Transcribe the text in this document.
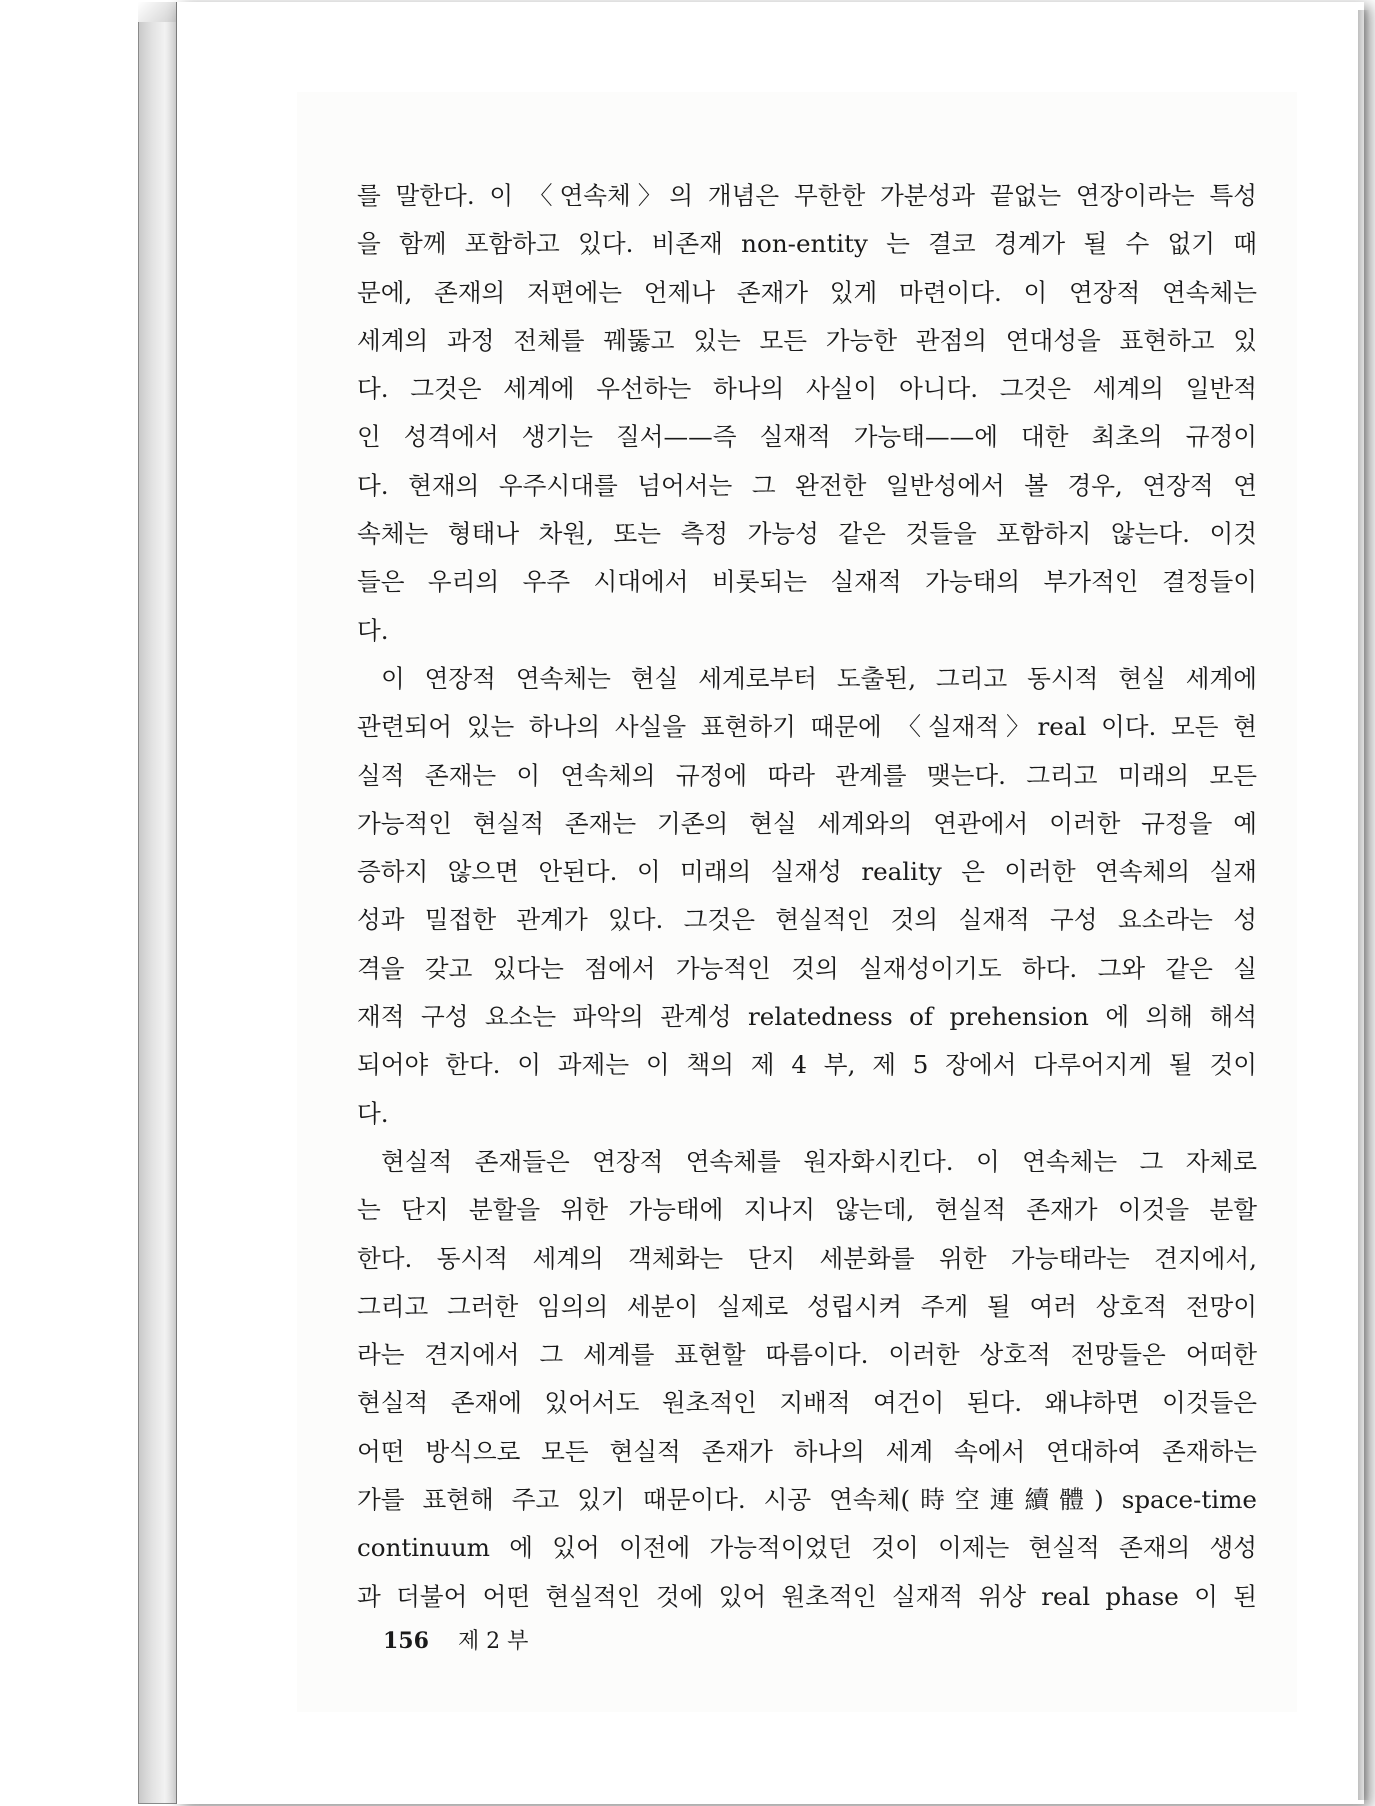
를 말한다. 이 〈연속체〉의 개념은 무한한 가분성과 끝없는 연장이라는 특성
을 함께 포함하고 있다. 비존재 non-entity 는 결코 경계가 될 수 없기 때
문에, 존재의 저편에는 언제나 존재가 있게 마련이다. 이 연장적 연속체는
세계의 과정 전체를 꿰뚫고 있는 모든 가능한 관점의 연대성을 표현하고 있
다. 그것은 세계에 우선하는 하나의 사실이 아니다. 그것은 세계의 일반적
인 성격에서 생기는 질서——즉 실재적 가능태——에 대한 최초의 규정이
다. 현재의 우주시대를 넘어서는 그 완전한 일반성에서 볼 경우, 연장적 연
속체는 형태나 차원, 또는 측정 가능성 같은 것들을 포함하지 않는다. 이것
들은 우리의 우주 시대에서 비롯되는 실재적 가능태의 부가적인 결정들이
다.
이 연장적 연속체는 현실 세계로부터 도출된, 그리고 동시적 현실 세계에
관련되어 있는 하나의 사실을 표현하기 때문에 〈실재적〉real 이다. 모든 현
실적 존재는 이 연속체의 규정에 따라 관계를 맺는다. 그리고 미래의 모든
가능적인 현실적 존재는 기존의 현실 세계와의 연관에서 이러한 규정을 예
증하지 않으면 안된다. 이 미래의 실재성 reality 은 이러한 연속체의 실재
성과 밀접한 관계가 있다. 그것은 현실적인 것의 실재적 구성 요소라는 성
격을 갖고 있다는 점에서 가능적인 것의 실재성이기도 하다. 그와 같은 실
재적 구성 요소는 파악의 관계성 relatedness of prehension 에 의해 해석
되어야 한다. 이 과제는 이 책의 제 4 부, 제 5 장에서 다루어지게 될 것이
다.
현실적 존재들은 연장적 연속체를 원자화시킨다. 이 연속체는 그 자체로
는 단지 분할을 위한 가능태에 지나지 않는데, 현실적 존재가 이것을 분할
한다. 동시적 세계의 객체화는 단지 세분화를 위한 가능태라는 견지에서,
그리고 그러한 임의의 세분이 실제로 성립시켜 주게 될 여러 상호적 전망이
라는 견지에서 그 세계를 표현할 따름이다. 이러한 상호적 전망들은 어떠한
현실적 존재에 있어서도 원초적인 지배적 여건이 된다. 왜냐하면 이것들은
어떤 방식으로 모든 현실적 존재가 하나의 세계 속에서 연대하여 존재하는
가를 표현해 주고 있기 때문이다. 시공 연속체(時空連續體) space-time
continuum 에 있어 이전에 가능적이었던 것이 이제는 현실적 존재의 생성
과 더불어 어떤 현실적인 것에 있어 원초적인 실재적 위상 real phase 이 된
156 제 2 부
